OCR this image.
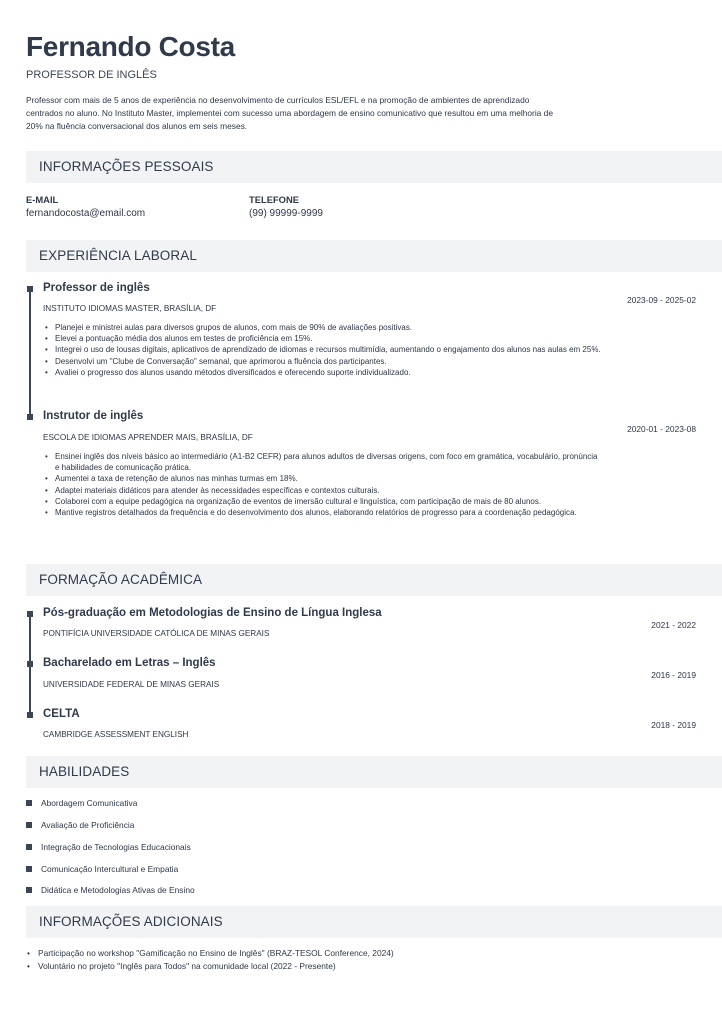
Fernando Costa
PROFESSOR DE INGLÊS

Professor com mais de 5 anos de experiência no desenvolvimento de currículos ESL/EFL e na promoção de ambientes de aprendizado centrados no aluno. No Instituto Master, implementei com sucesso uma abordagem de ensino comunicativo que resultou em uma melhoria de 20% na fluência conversacional dos alunos em seis meses.

INFORMAÇÕES PESSOAIS
E-MAIL
fernandocosta@email.com
TELEFONE
(99) 99999-9999
EXPERIÊNCIA LABORAL
Professor de inglês
INSTITUTO IDIOMAS MASTER, BRASÍLIA, DF
2023-09 - 2025-02
• Planejei e ministrei aulas para diversos grupos de alunos, com mais de 90% de avaliações positivas.
• Elevei a pontuação média dos alunos em testes de proficiência em 15%.
• Integrei o uso de lousas digitais, aplicativos de aprendizado de idiomas e recursos multimídia, aumentando o engajamento dos alunos nas aulas em 25%.
• Desenvolvi um "Clube de Conversação" semanal, que aprimorou a fluência dos participantes.
• Avaliei o progresso dos alunos usando métodos diversificados e oferecendo suporte individualizado.
Instrutor de inglês
ESCOLA DE IDIOMAS APRENDER MAIS, BRASÍLIA, DF
2020-01 - 2023-08
• Ensinei inglês dos níveis básico ao intermediário (A1-B2 CEFR) para alunos adultos de diversas origens, com foco em gramática, vocabulário, pronúncia e habilidades de comunicação prática.
• Aumentei a taxa de retenção de alunos nas minhas turmas em 18%.
• Adaptei materiais didáticos para atender às necessidades específicas e contextos culturais.
• Colaborei com a equipe pedagógica na organização de eventos de imersão cultural e linguística, com participação de mais de 80 alunos.
• Mantive registros detalhados da frequência e do desenvolvimento dos alunos, elaborando relatórios de progresso para a coordenação pedagógica.
FORMAÇÃO ACADÊMICA
Pós-graduação em Metodologias de Ensino de Língua Inglesa
PONTIFÍCIA UNIVERSIDADE CATÓLICA DE MINAS GERAIS
2021 - 2022
Bacharelado em Letras – Inglês
UNIVERSIDADE FEDERAL DE MINAS GERAIS
2016 - 2019
CELTA
CAMBRIDGE ASSESSMENT ENGLISH
2018 - 2019
HABILIDADES
Abordagem Comunicativa
Avaliação de Proficiência
Integração de Tecnologias Educacionais
Comunicação Intercultural e Empatia
Didática e Metodologias Ativas de Ensino
INFORMAÇÕES ADICIONAIS
• Participação no workshop "Gamificação no Ensino de Inglês" (BRAZ-TESOL Conference, 2024)
• Voluntário no projeto "Inglês para Todos" na comunidade local (2022 - Presente)
